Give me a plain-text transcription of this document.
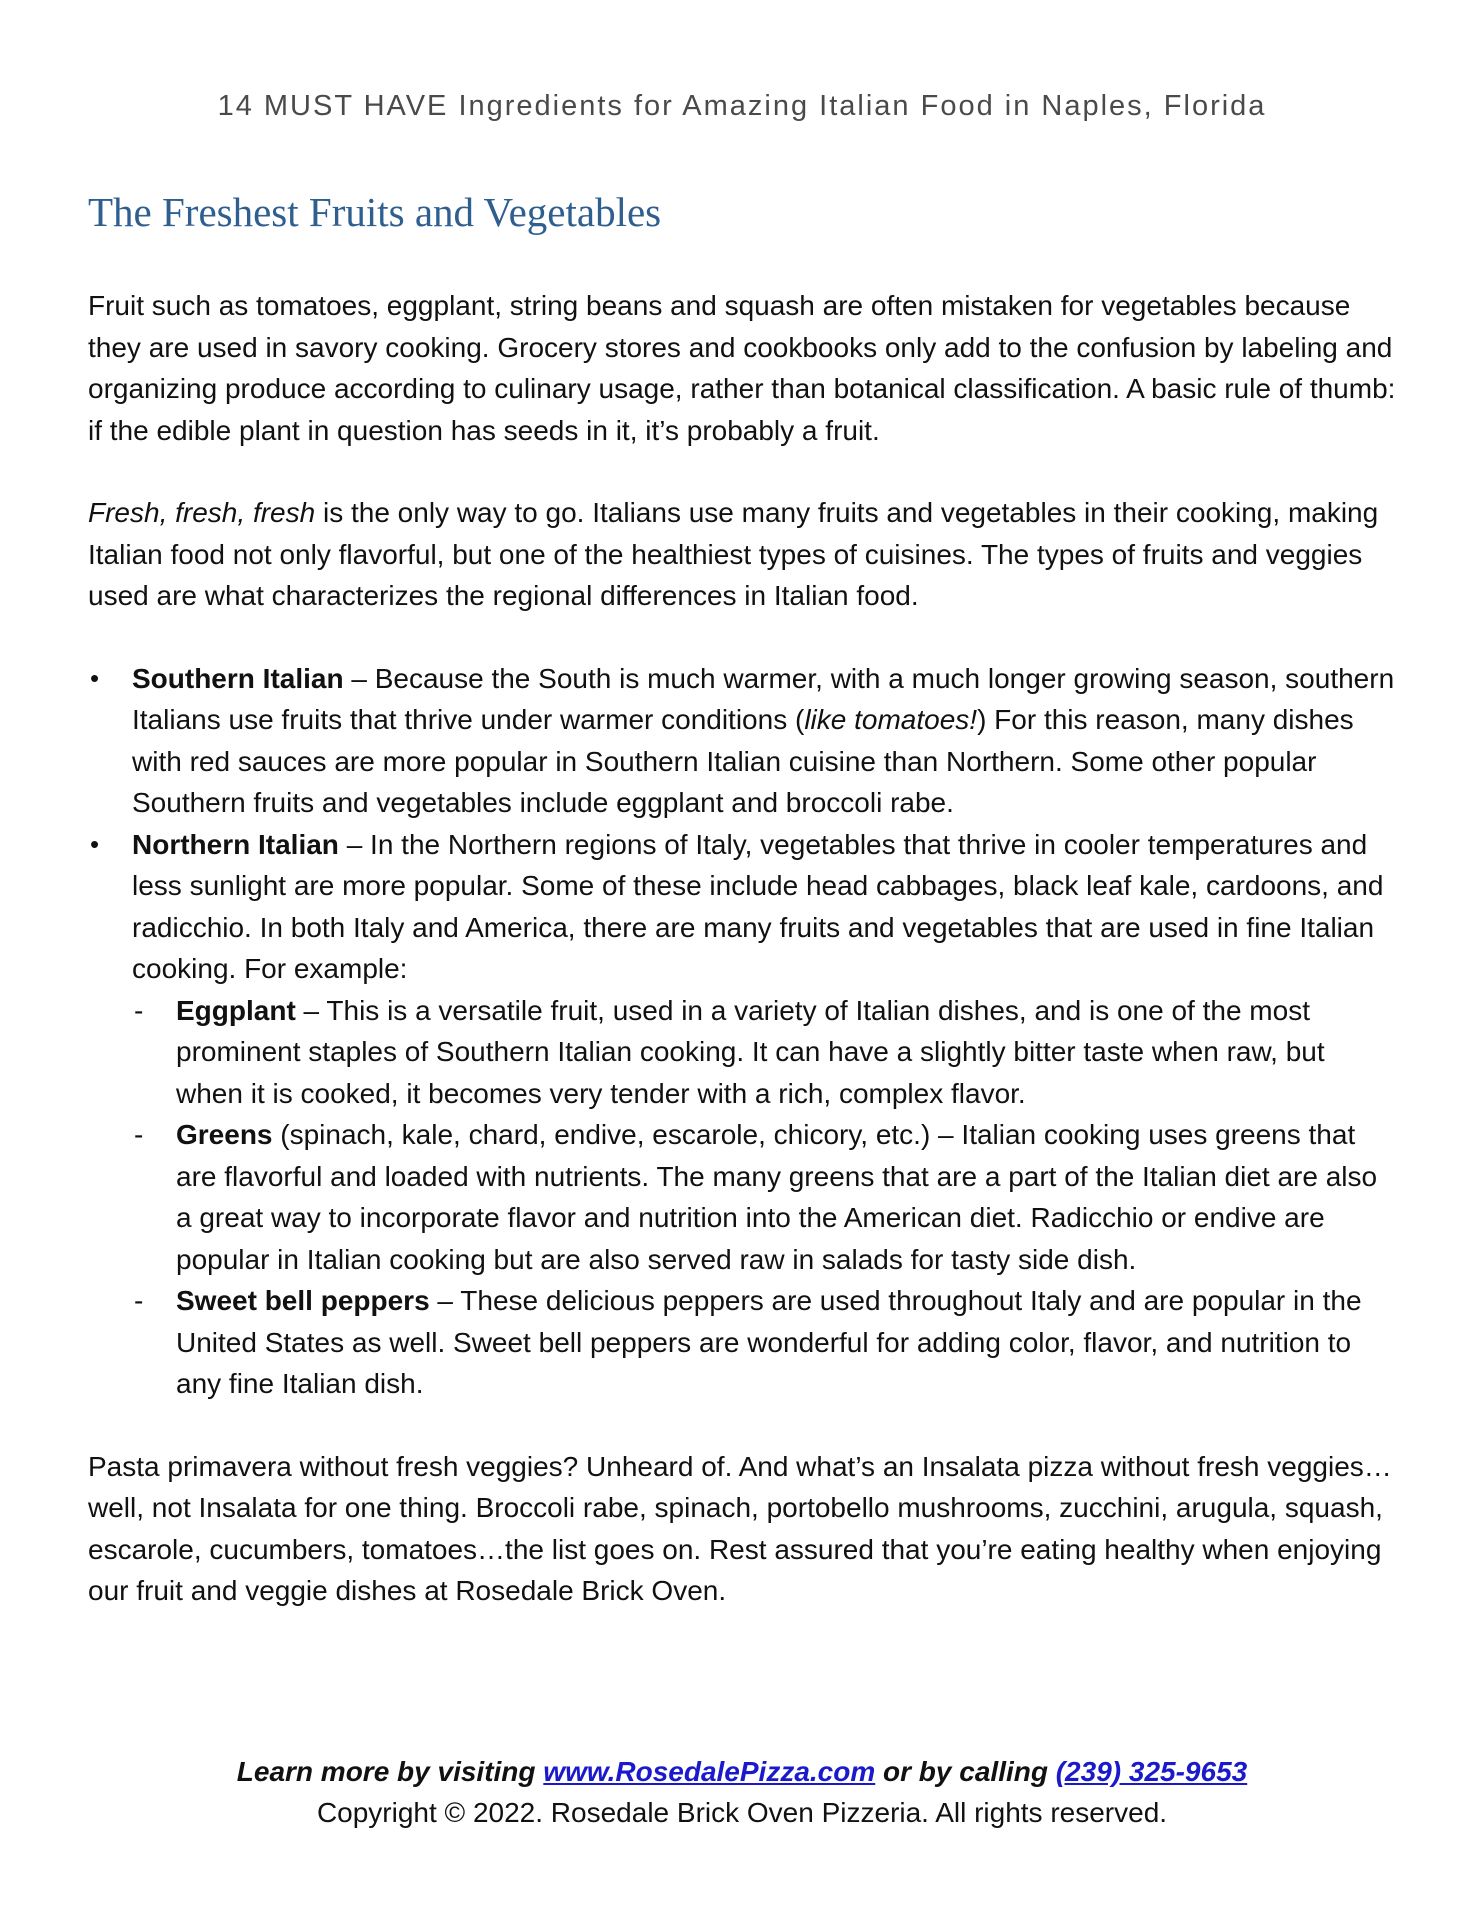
14 MUST HAVE Ingredients for Amazing Italian Food in Naples, Florida
The Freshest Fruits and Vegetables

Fruit such as tomatoes, eggplant, string beans and squash are often mistaken for vegetables because they are used in savory cooking. Grocery stores and cookbooks only add to the confusion by labeling and organizing produce according to culinary usage, rather than botanical classification. A basic rule of thumb: if the edible plant in question has seeds in it, it’s probably a fruit.

Fresh, fresh, fresh is the only way to go. Italians use many fruits and vegetables in their cooking, making Italian food not only flavorful, but one of the healthiest types of cuisines. The types of fruits and veggies used are what characterizes the regional differences in Italian food.

•	Southern Italian – Because the South is much warmer, with a much longer growing season, southern Italians use fruits that thrive under warmer conditions (like tomatoes!) For this reason, many dishes with red sauces are more popular in Southern Italian cuisine than Northern. Some other popular Southern fruits and vegetables include eggplant and broccoli rabe.
•	Northern Italian – In the Northern regions of Italy, vegetables that thrive in cooler temperatures and less sunlight are more popular. Some of these include head cabbages, black leaf kale, cardoons, and radicchio. In both Italy and America, there are many fruits and vegetables that are used in fine Italian cooking. For example:
- Eggplant – This is a versatile fruit, used in a variety of Italian dishes, and is one of the most prominent staples of Southern Italian cooking. It can have a slightly bitter taste when raw, but when it is cooked, it becomes very tender with a rich, complex flavor.
- Greens (spinach, kale, chard, endive, escarole, chicory, etc.) – Italian cooking uses greens that are flavorful and loaded with nutrients. The many greens that are a part of the Italian diet are also a great way to incorporate flavor and nutrition into the American diet. Radicchio or endive are popular in Italian cooking but are also served raw in salads for tasty side dish.
- Sweet bell peppers – These delicious peppers are used throughout Italy and are popular in the United States as well. Sweet bell peppers are wonderful for adding color, flavor, and nutrition to any fine Italian dish.

Pasta primavera without fresh veggies? Unheard of. And what’s an Insalata pizza without fresh veggies…well, not Insalata for one thing. Broccoli rabe, spinach, portobello mushrooms, zucchini, arugula, squash, escarole, cucumbers, tomatoes…the list goes on. Rest assured that you’re eating healthy when enjoying our fruit and veggie dishes at Rosedale Brick Oven.

Learn more by visiting www.RosedalePizza.com or by calling (239) 325-9653
Copyright © 2022. Rosedale Brick Oven Pizzeria. All rights reserved.
